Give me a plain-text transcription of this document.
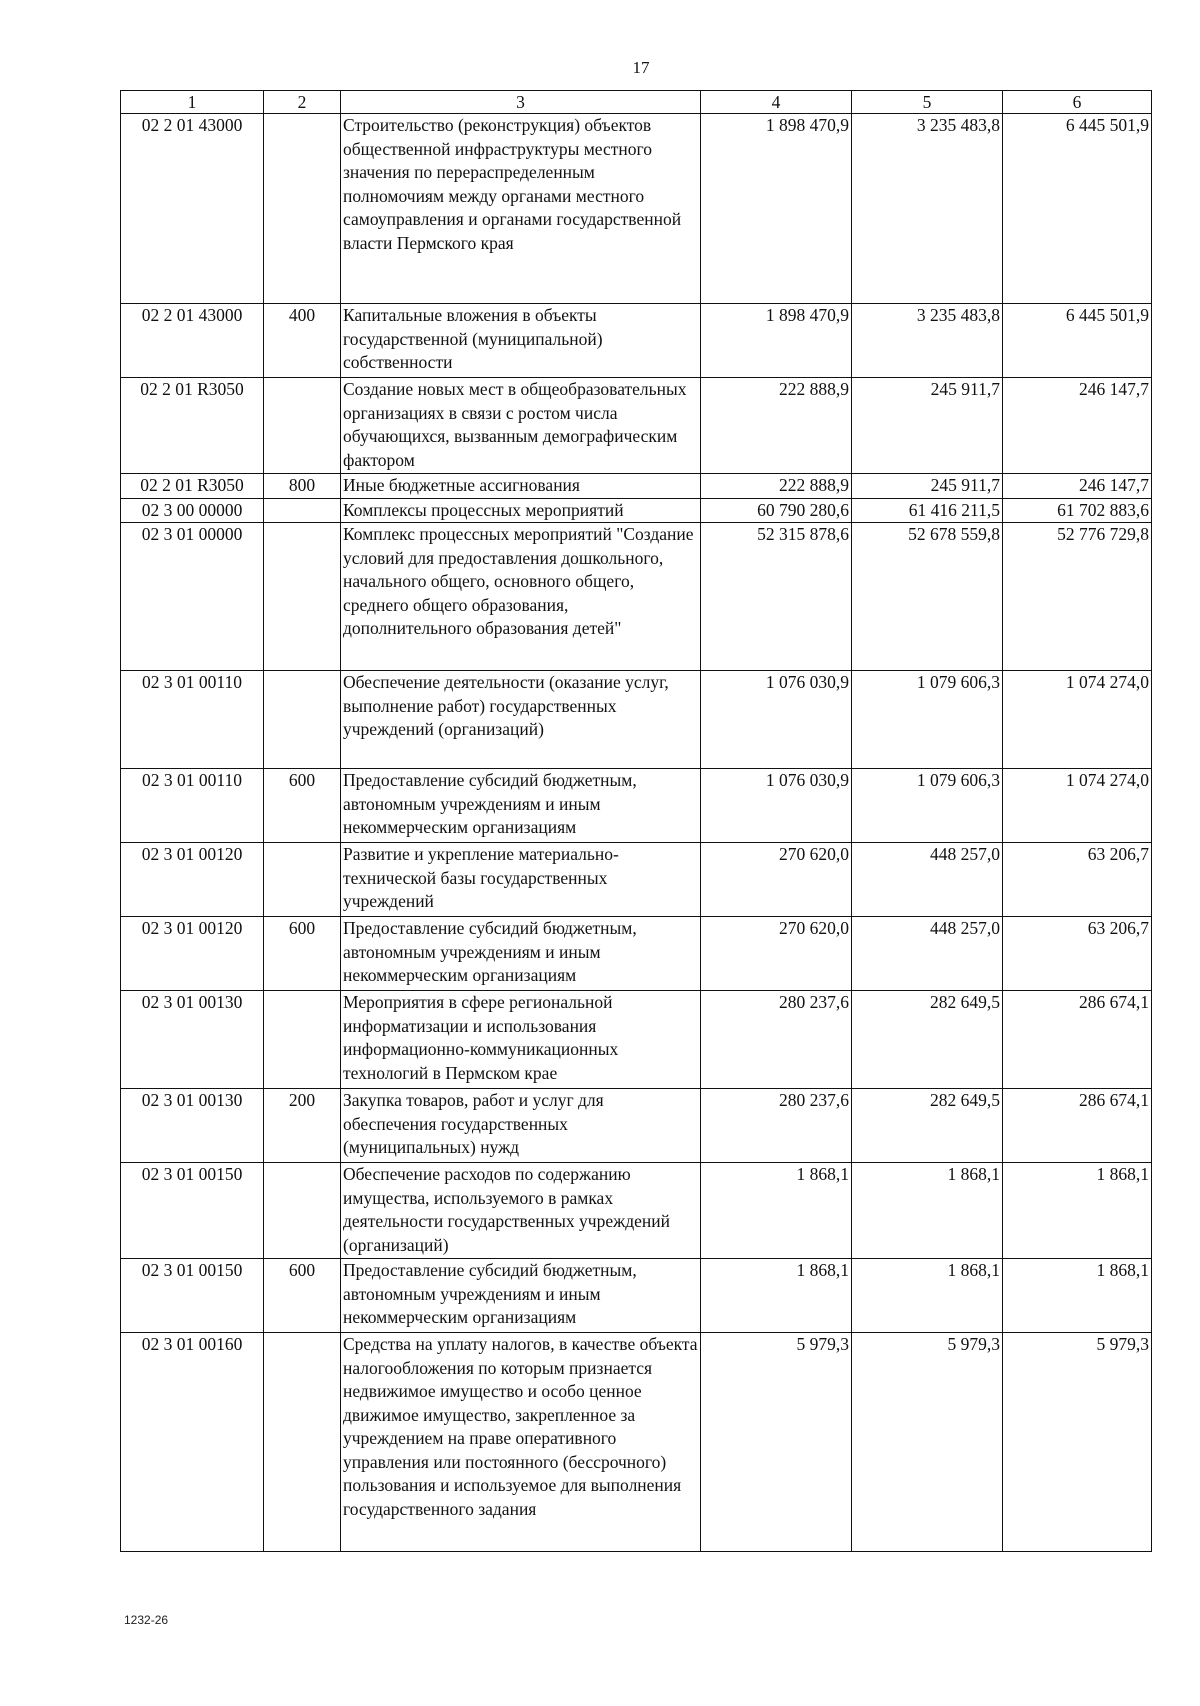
17
1	2	3	4	5	6
02 2 01 43000		Строительство (реконструкция) объектов общественной инфраструктуры местного значения по перераспределенным полномочиям между органами местного самоуправления и органами государственной власти Пермского края	1 898 470,9	3 235 483,8	6 445 501,9
02 2 01 43000	400	Капитальные вложения в объекты государственной (муниципальной) собственности	1 898 470,9	3 235 483,8	6 445 501,9
02 2 01 R3050		Создание новых мест в общеобразовательных организациях в связи с ростом числа обучающихся, вызванным демографическим фактором	222 888,9	245 911,7	246 147,7
02 2 01 R3050	800	Иные бюджетные ассигнования	222 888,9	245 911,7	246 147,7
02 3 00 00000		Комплексы процессных мероприятий	60 790 280,6	61 416 211,5	61 702 883,6
02 3 01 00000		Комплекс процессных мероприятий "Создание условий для предоставления дошкольного, начального общего, основного общего, среднего общего образования, дополнительного образования детей"	52 315 878,6	52 678 559,8	52 776 729,8
02 3 01 00110		Обеспечение деятельности (оказание услуг, выполнение работ) государственных учреждений (организаций)	1 076 030,9	1 079 606,3	1 074 274,0
02 3 01 00110	600	Предоставление субсидий бюджетным, автономным учреждениям и иным некоммерческим организациям	1 076 030,9	1 079 606,3	1 074 274,0
02 3 01 00120		Развитие и укрепление материально-технической базы государственных учреждений	270 620,0	448 257,0	63 206,7
02 3 01 00120	600	Предоставление субсидий бюджетным, автономным учреждениям и иным некоммерческим организациям	270 620,0	448 257,0	63 206,7
02 3 01 00130		Мероприятия в сфере региональной информатизации и использования информационно-коммуникационных технологий в Пермском крае	280 237,6	282 649,5	286 674,1
02 3 01 00130	200	Закупка товаров, работ и услуг для обеспечения государственных (муниципальных) нужд	280 237,6	282 649,5	286 674,1
02 3 01 00150		Обеспечение расходов по содержанию имущества, используемого в рамках деятельности государственных учреждений (организаций)	1 868,1	1 868,1	1 868,1
02 3 01 00150	600	Предоставление субсидий бюджетным, автономным учреждениям и иным некоммерческим организациям	1 868,1	1 868,1	1 868,1
02 3 01 00160		Средства на уплату налогов, в качестве объекта налогообложения по которым признается недвижимое имущество и особо ценное движимое имущество, закрепленное за учреждением на праве оперативного управления или постоянного (бессрочного) пользования и используемое для выполнения государственного задания	5 979,3	5 979,3	5 979,3
1232-26
